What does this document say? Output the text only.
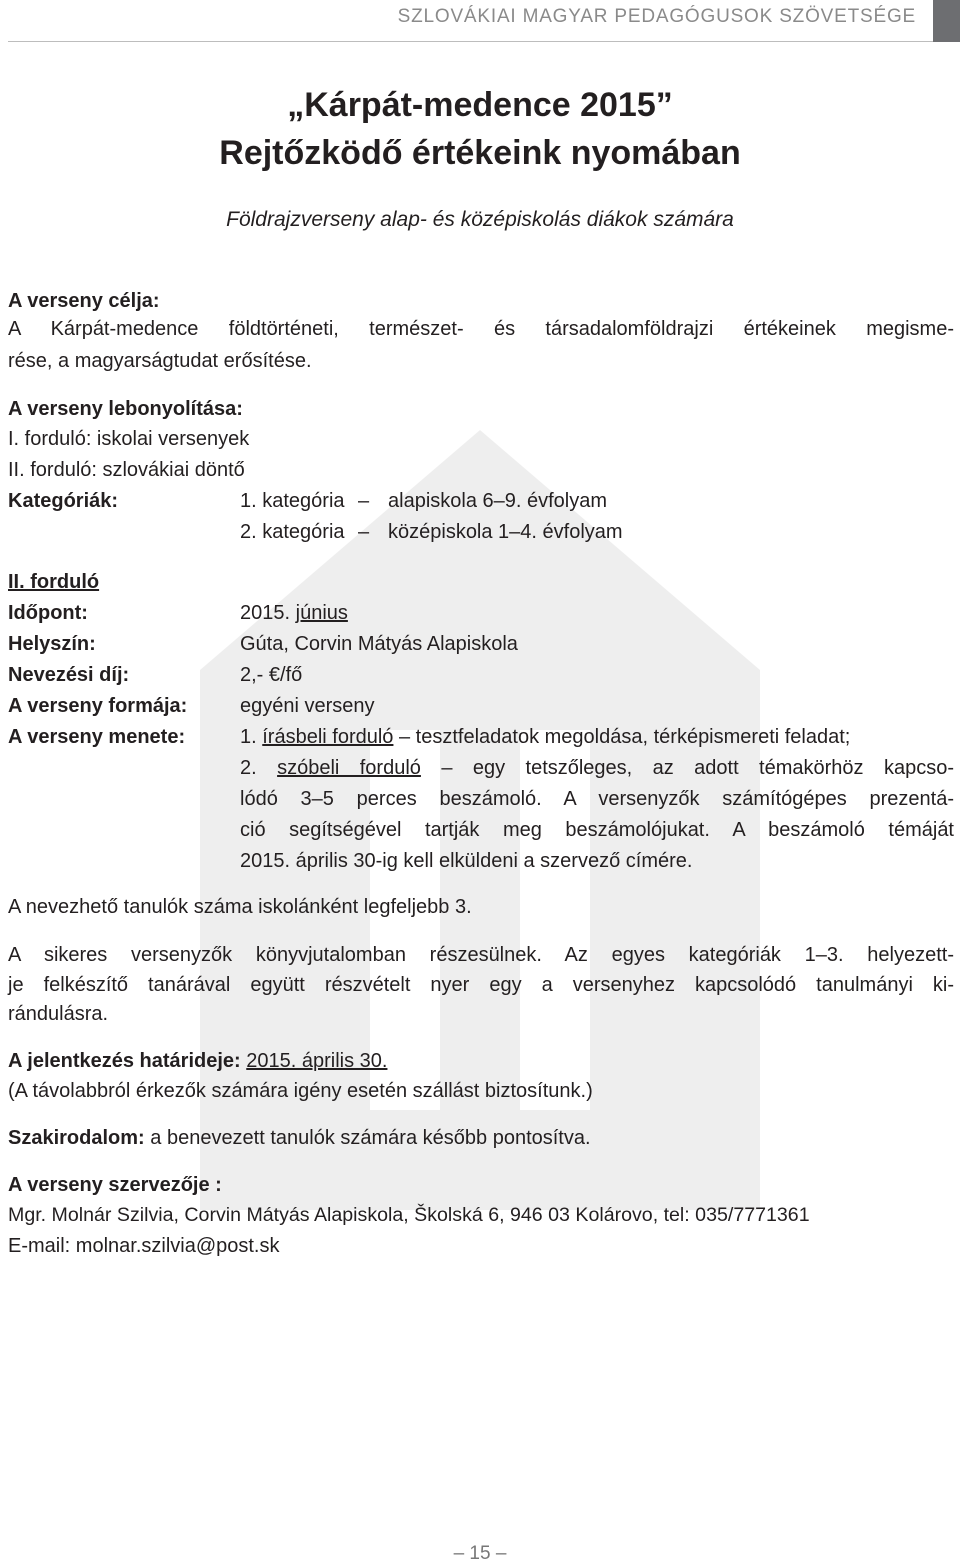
SZLOVÁKIAI MAGYAR PEDAGÓGUSOK SZÖVETSÉGE
„Kárpát-medence 2015”
Rejtőzködő értékeink nyomában
Földrajzverseny alap- és középiskolás diákok számára
A verseny célja:
A Kárpát-medence földtörténeti, természet- és társadalomföldrajzi értékeinek megisme-
rése, a magyarságtudat erősítése.
A verseny lebonyolítása:
I. forduló: iskolai versenyek
II. forduló: szlovákiai döntő
Kategóriák:	1. kategória – alapiskola 6–9. évfolyam
2. kategória – középiskola 1–4. évfolyam
II. forduló
Időpont:	2015. június
Helyszín:	Gúta, Corvin Mátyás Alapiskola
Nevezési díj:	2,- €/fő
A verseny formája:	egyéni verseny
A verseny menete:	1. írásbeli forduló – tesztfeladatok megoldása, térképismereti feladat;
2. szóbeli forduló – egy tetszőleges, az adott témakörhöz kapcso-
lódó 3–5 perces beszámoló. A versenyzők számítógépes prezentá-
ció segítségével tartják meg beszámolójukat. A beszámoló témáját
2015. április 30-ig kell elküldeni a szervező címére.
A nevezhető tanulók száma iskolánként legfeljebb 3.
A sikeres versenyzők könyvjutalomban részesülnek. Az egyes kategóriák 1–3. helyezett-
je felkészítő tanárával együtt részvételt nyer egy a versenyhez kapcsolódó tanulmányi ki-
rándulásra.
A jelentkezés határideje: 2015. április 30.
(A távolabbról érkezők számára igény esetén szállást biztosítunk.)
Szakirodalom: a benevezett tanulók számára később pontosítva.
A verseny szervezője :
Mgr. Molnár Szilvia, Corvin Mátyás Alapiskola, Školská 6, 946 03 Kolárovo, tel: 035/7771361
E-mail: molnar.szilvia@post.sk
– 15 –
